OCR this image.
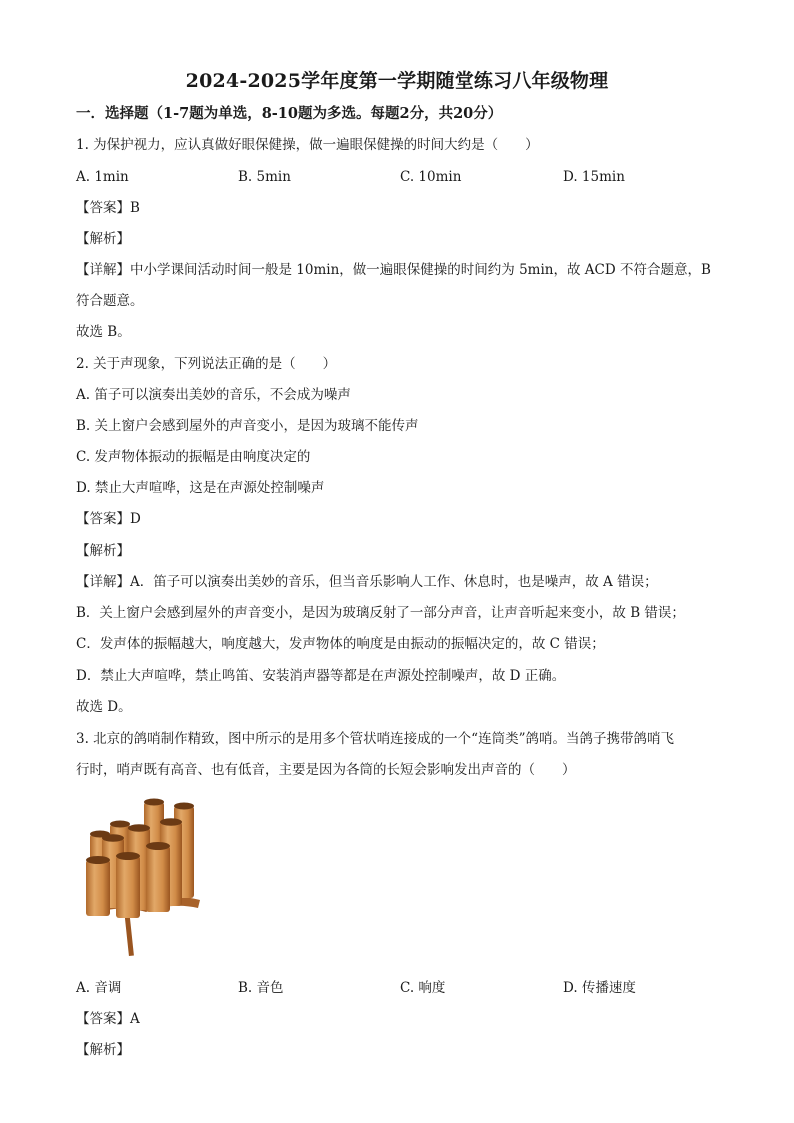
2024-2025学年度第一学期随堂练习八年级物理
一．选择题（1-7题为单选，8-10题为多选。每题2分，共20分）
1. 为保护视力，应认真做好眼保健操，做一遍眼保健操的时间大约是（　　）
A. 1min	B. 5min	C. 10min	D. 15min
【答案】B
【解析】
【详解】中小学课间活动时间一般是 10min，做一遍眼保健操的时间约为 5min，故 ACD 不符合题意，B
符合题意。
故选 B。
2. 关于声现象，下列说法正确的是（　　）
A. 笛子可以演奏出美妙的音乐，不会成为噪声
B. 关上窗户会感到屋外的声音变小，是因为玻璃不能传声
C. 发声物体振动的振幅是由响度决定的
D. 禁止大声喧哗，这是在声源处控制噪声
【答案】D
【解析】
【详解】A．笛子可以演奏出美妙的音乐，但当音乐影响人工作、休息时，也是噪声，故 A 错误；
B．关上窗户会感到屋外的声音变小，是因为玻璃反射了一部分声音，让声音听起来变小，故 B 错误；
C．发声体的振幅越大，响度越大，发声物体的响度是由振动的振幅决定的，故 C 错误；
D．禁止大声喧哗，禁止鸣笛、安装消声器等都是在声源处控制噪声，故 D 正确。
故选 D。
3. 北京的鸽哨制作精致，图中所示的是用多个管状哨连接成的一个“连筒类”鸽哨。当鸽子携带鸽哨飞
行时，哨声既有高音、也有低音，主要是因为各筒的长短会影响发出声音的（　　）
A. 音调	B. 音色	C. 响度	D. 传播速度
【答案】A
【解析】
